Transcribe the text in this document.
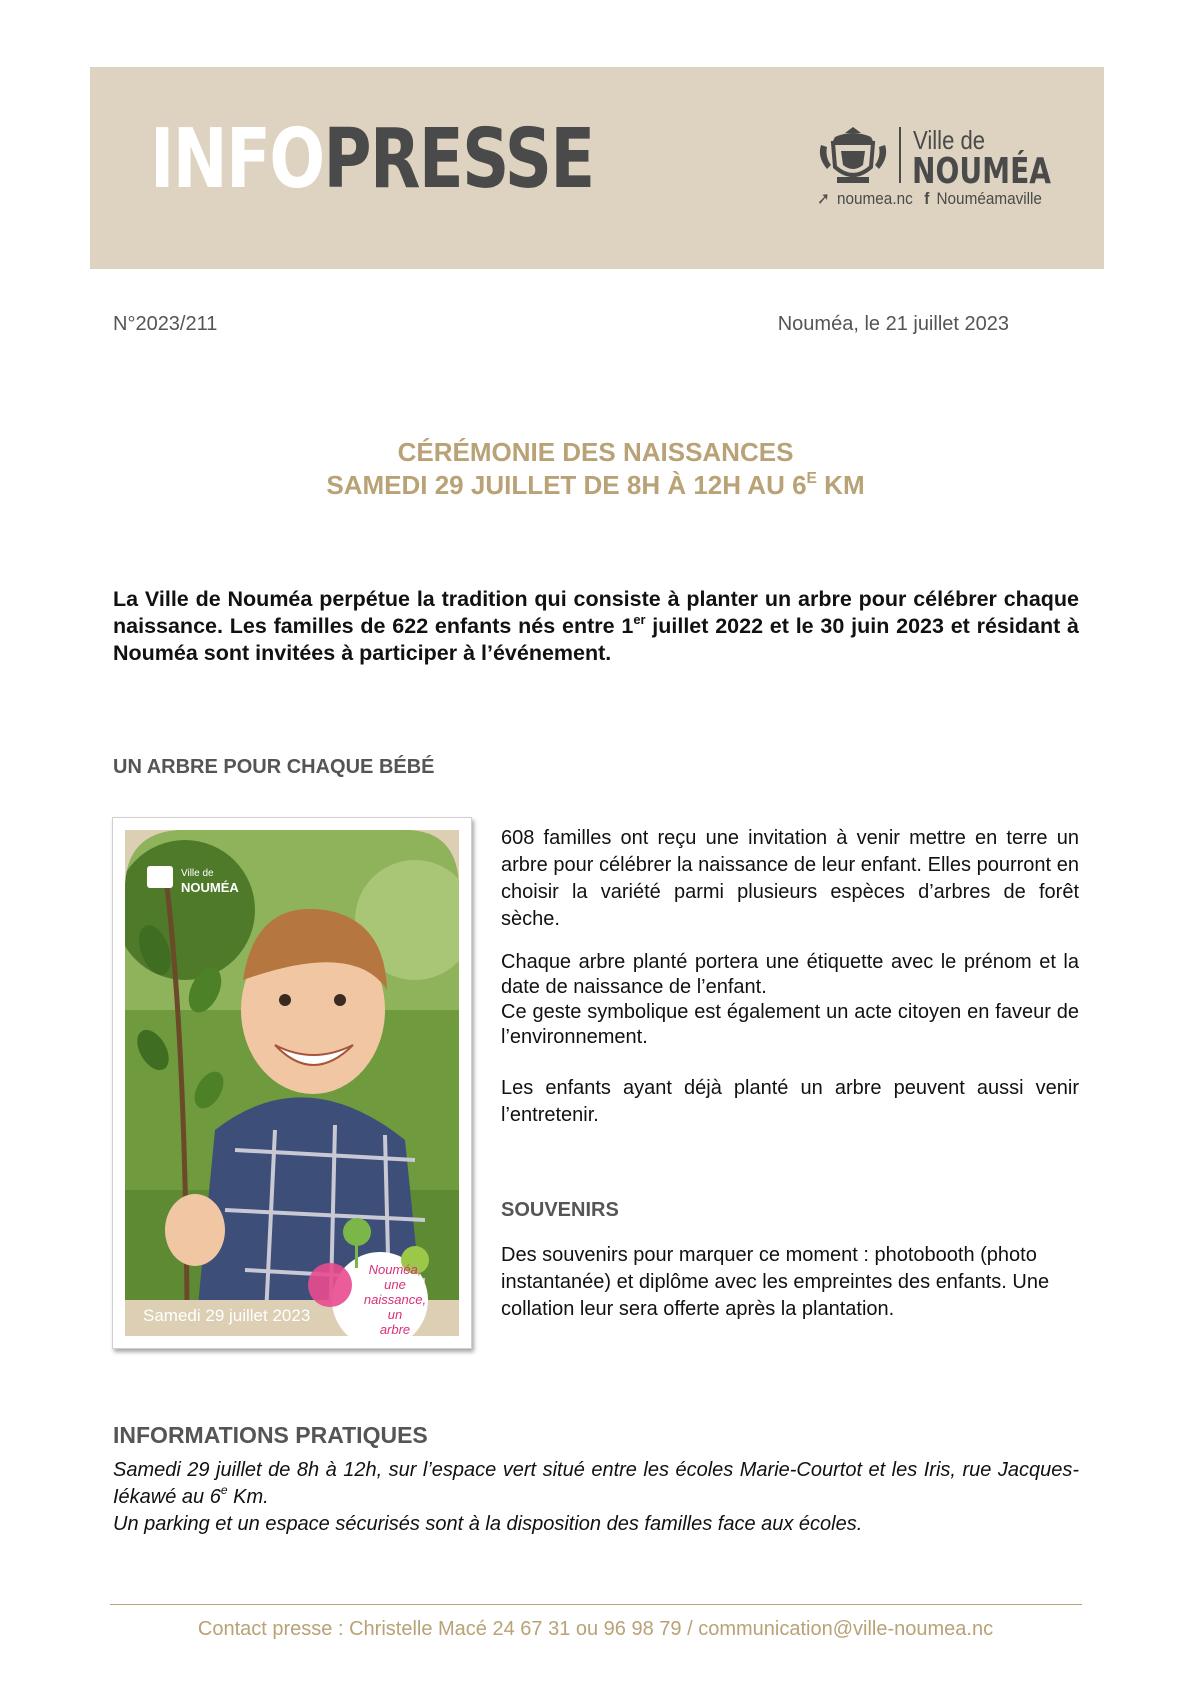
INFOPRESSE	Ville de
NOUMÉA
➚ noumea.nc f Nouméamaville
N°2023/211	Nouméa, le 21 juillet 2023
CÉRÉMONIE DES NAISSANCES
SAMEDI 29 JUILLET DE 8H À 12H AU $6^E$ KM
La Ville de Nouméa perpétue la tradition qui consiste à planter un arbre pour célébrer chaque naissance. Les familles de 622 enfants nés entre 1er juillet 2022 et le 30 juin 2023 et résidant à Nouméa sont invitées à participer à l’événement.
UN ARBRE POUR CHAQUE BÉBÉ
Ville de
NOUMÉA
Nouméa,
une
naissance,
un
arbre
Samedi 29 juillet 2023
608 familles ont reçu une invitation à venir mettre en terre un arbre pour célébrer la naissance de leur enfant. Elles pourront en choisir la variété parmi plusieurs espèces d’arbres de forêt sèche.
Chaque arbre planté portera une étiquette avec le prénom et la date de naissance de l’enfant.
Ce geste symbolique est également un acte citoyen en faveur de l’environnement.
Les enfants ayant déjà planté un arbre peuvent aussi venir l’entretenir.
SOUVENIRS
Des souvenirs pour marquer ce moment : photobooth (photo instantanée) et diplôme avec les empreintes des enfants. Une collation leur sera offerte après la plantation.
INFORMATIONS PRATIQUES
Samedi 29 juillet de 8h à 12h, sur l’espace vert situé entre les écoles Marie-Courtot et les Iris, rue Jacques-Iékawé au 6e Km.
Un parking et un espace sécurisés sont à la disposition des familles face aux écoles.
Contact presse : Christelle Macé 24 67 31 ou 96 98 79 / communication@ville-noumea.nc
